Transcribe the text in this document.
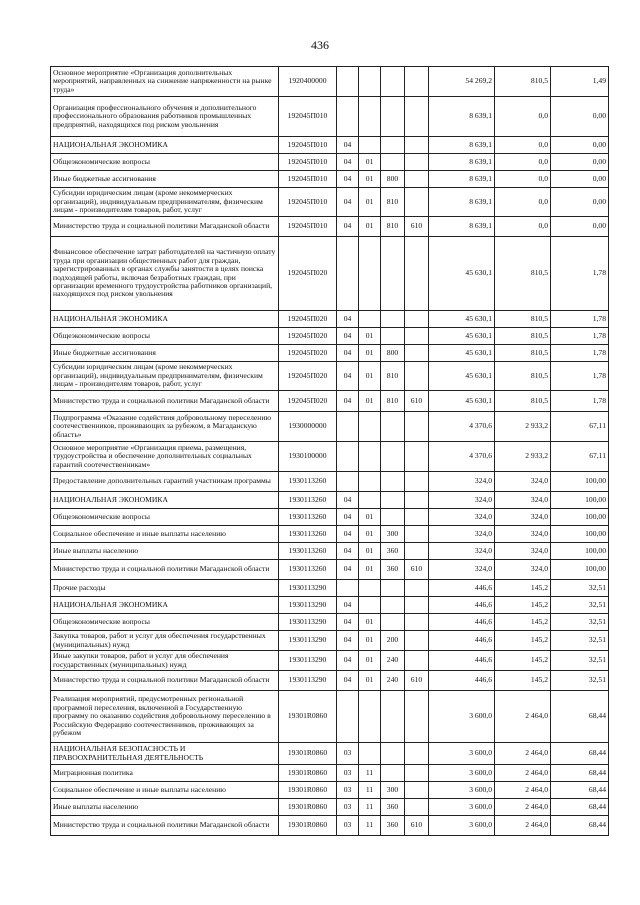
436
Основное мероприятие «Организация дополнительных мероприятий, направленных на снижение напряженности на рынке труда»	1920400000					54 269,2	810,5	1,49
Организация профессионального обучения и дополнительного профессионального образования работников промышленных предприятий, находящихся под риском увольнения	192045П010					8 639,1	0,0	0,00
НАЦИОНАЛЬНАЯ ЭКОНОМИКА	192045П010	04				8 639,1	0,0	0,00
Общеэкономические вопросы	192045П010	04	01			8 639,1	0,0	0,00
Иные бюджетные ассигнования	192045П010	04	01	800		8 639,1	0,0	0,00
Субсидии юридическим лицам (кроме некоммерческих организаций), индивидуальным предпринимателям, физическим лицам - производителям товаров, работ, услуг	192045П010	04	01	810		8 639,1	0,0	0,00
Министерство труда и социальной политики Магаданской области	192045П010	04	01	810	610	8 639,1	0,0	0,00
Финансовое обеспечение затрат работодателей на частичную оплату труда при организации общественных работ для граждан, зарегистрированных в органах службы занятости в целях поиска подходящей работы, включая безработных граждан, при организации временного трудоустройства работников организаций, находящихся под риском увольнения	192045П020					45 630,1	810,5	1,78
НАЦИОНАЛЬНАЯ ЭКОНОМИКА	192045П020	04				45 630,1	810,5	1,78
Общеэкономические вопросы	192045П020	04	01			45 630,1	810,5	1,78
Иные бюджетные ассигнования	192045П020	04	01	800		45 630,1	810,5	1,78
Субсидии юридическим лицам (кроме некоммерческих организаций), индивидуальным предпринимателям, физическим лицам - производителям товаров, работ, услуг	192045П020	04	01	810		45 630,1	810,5	1,78
Министерство труда и социальной политики Магаданской области	192045П020	04	01	810	610	45 630,1	810,5	1,78
Подпрограмма «Оказание содействия добровольному переселению соотечественников, проживающих за рубежом, в Магаданскую область»	1930000000					4 370,6	2 933,2	67,11
Основное мероприятие «Организация приема, размещения, трудоустройства и обеспечение дополнительных социальных гарантий соотечественникам»	1930100000					4 370,6	2 933,2	67,11
Предоставление дополнительных гарантий участникам программы	1930113260					324,0	324,0	100,00
НАЦИОНАЛЬНАЯ ЭКОНОМИКА	1930113260	04				324,0	324,0	100,00
Общеэкономические вопросы	1930113260	04	01			324,0	324,0	100,00
Социальное обеспечение и иные выплаты населению	1930113260	04	01	300		324,0	324,0	100,00
Иные выплаты населению	1930113260	04	01	360		324,0	324,0	100,00
Министерство труда и социальной политики Магаданской области	1930113260	04	01	360	610	324,0	324,0	100,00
Прочие расходы	1930113290					446,6	145,2	32,51
НАЦИОНАЛЬНАЯ ЭКОНОМИКА	1930113290	04				446,6	145,2	32,51
Общеэкономические вопросы	1930113290	04	01			446,6	145,2	32,51
Закупка товаров, работ и услуг для обеспечения государственных (муниципальных) нужд	1930113290	04	01	200		446,6	145,2	32,51
Иные закупки товаров, работ и услуг для обеспечения государственных (муниципальных) нужд	1930113290	04	01	240		446,6	145,2	32,51
Министерство труда и социальной политики Магаданской области	1930113290	04	01	240	610	446,6	145,2	32,51
Реализация мероприятий, предусмотренных региональной программой переселения, включенной в Государственную программу по оказанию содействия добровольному переселению в Российскую Федерацию соотечественников, проживающих за рубежом	19301R0860					3 600,0	2 464,0	68,44
НАЦИОНАЛЬНАЯ БЕЗОПАСНОСТЬ И ПРАВООХРАНИТЕЛЬНАЯ ДЕЯТЕЛЬНОСТЬ	19301R0860	03				3 600,0	2 464,0	68,44
Миграционная политика	19301R0860	03	11			3 600,0	2 464,0	68,44
Социальное обеспечение и иные выплаты населению	19301R0860	03	11	300		3 600,0	2 464,0	68,44
Иные выплаты населению	19301R0860	03	11	360		3 600,0	2 464,0	68,44
Министерство труда и социальной политики Магаданской области	19301R0860	03	11	360	610	3 600,0	2 464,0	68,44
